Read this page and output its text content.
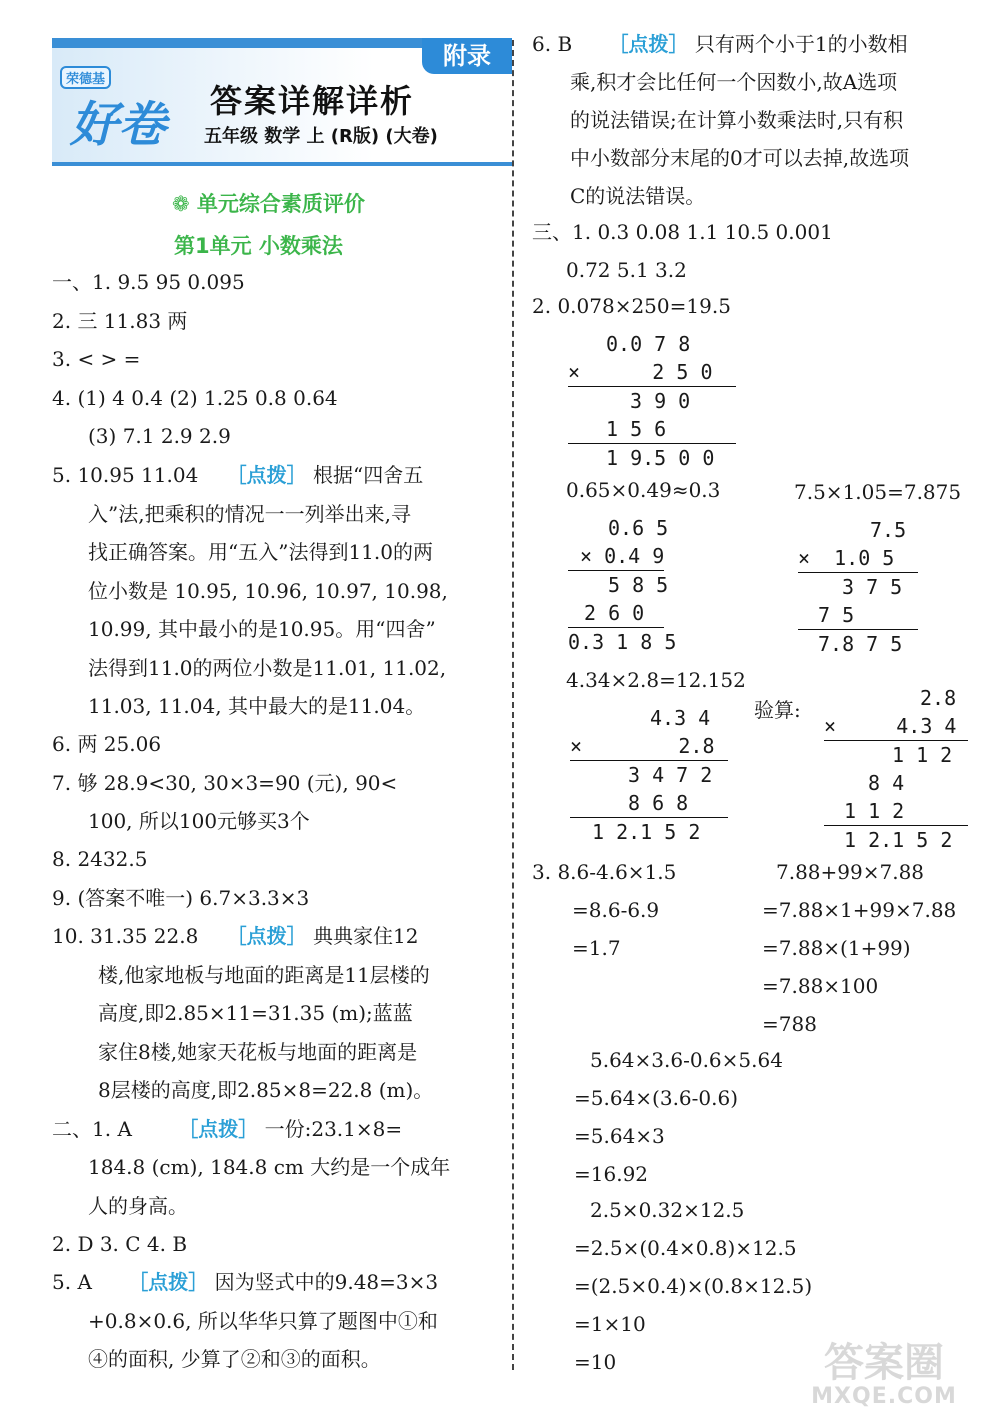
附录
荣德基
好卷 答案详解详析
五年级 数学 上 (R版) (大卷)
❁ 单元综合素质评价
第1单元 小数乘法
一、1. 9.5 95 0.095
2. 三 11.83 两
3. < > =
4. (1) 4 0.4 (2) 1.25 0.8 0.64
(3) 7.1 2.9 2.9
5. 10.95 11.04 ［点拨］ 根据“四舍五
入”法,把乘积的情况一一列举出来,寻
找正确答案。用“五入”法得到11.0的两
位小数是 10.95, 10.96, 10.97, 10.98,
10.99, 其中最小的是10.95。用“四舍”
法得到11.0的两位小数是11.01, 11.02,
11.03, 11.04, 其中最大的是11.04。
6. 两 25.06
7. 够 28.9<30, 30×3=90 (元), 90<
100, 所以100元够买3个
8. 2432.5
9. (答案不唯一) 6.7×3.3×3
10. 31.35 22.8 ［点拨］ 典典家住12
楼,他家地板与地面的距离是11层楼的
高度,即2.85×11=31.35 (m);蓝蓝
家住8楼,她家天花板与地面的距离是
8层楼的高度,即2.85×8=22.8 (m)。
二、1. A ［点拨］ 一份:23.1×8=
184.8 (cm), 184.8 cm 大约是一个成年
人的身高。
2. D 3. C 4. B
5. A ［点拨］ 因为竖式中的9.48=3×3
+0.8×0.6, 所以华华只算了题图中①和
④的面积, 少算了②和③的面积。
6. B ［点拨］ 只有两个小于1的小数相
乘,积才会比任何一个因数小,故A选项
的说法错误;在计算小数乘法时,只有积
中小数部分末尾的0才可以去掉,故选项
C的说法错误。
三、1. 0.3 0.08 1.1 10.5 0.001
0.72 5.1 3.2
2. 0.078×250=19.5
0.0 7 8
×      2 5 0
3 9 0
1 5 6
1 9.5 0 0
0.65×0.49≈0.3	7.5×1.05=7.875
0.6 5
× 0.4 9
5 8 5
2 6 0
0.3 1 8 5
7.5
×  1.0 5
3 7 5
7 5
7.8 7 5
4.34×2.8=12.152
4.3 4
×        2.8
3 4 7 2
8 6 8
1 2.1 5 2
验算:	2.8
×     4.3 4
1 1 2
8 4
1 1 2
1 2.1 5 2
3. 8.6-4.6×1.5
=8.6-6.9
=1.7
7.88+99×7.88
=7.88×1+99×7.88
=7.88×(1+99)
=7.88×100
=788
5.64×3.6-0.6×5.64
=5.64×(3.6-0.6)
=5.64×3
=16.92
2.5×0.32×12.5
=2.5×(0.4×0.8)×12.5
=(2.5×0.4)×(0.8×12.5)
=1×10
=10	答案圈
MXQE.COM
